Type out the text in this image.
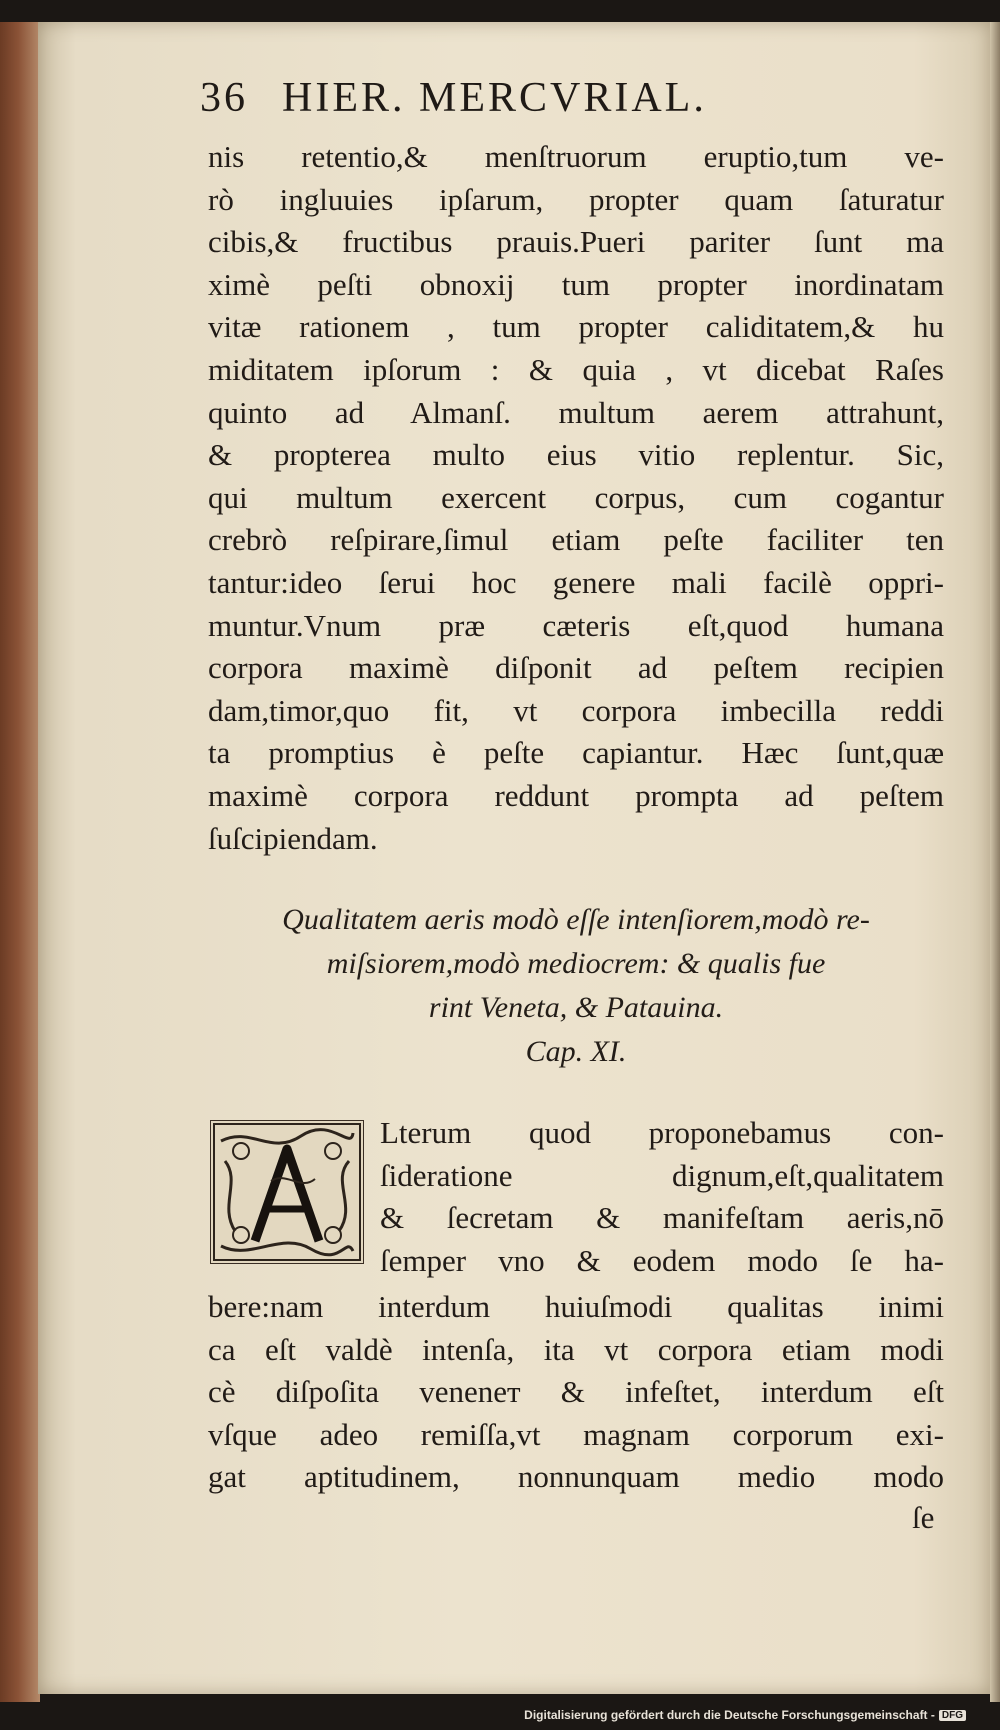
36 HIER. MERCVRIAL.
nis retentio,& menſtruorum eruptio,tum ve-
rò ingluuies ipſarum, propter quam ſaturatur
cibis,& fructibus prauis.Pueri pariter ſunt ma
ximè peſti obnoxij tum propter inordinatam
vitæ rationem , tum propter caliditatem,& hu
miditatem ipſorum : & quia , vt dicebat Raſes
quinto ad Almanſ. multum aerem attrahunt,
& propterea multo eius vitio replentur. Sic,
qui multum exercent corpus, cum cogantur
crebrò reſpirare,ſimul etiam peſte faciliter ten
tantur:ideo ſerui hoc genere mali facilè oppri-
muntur.Vnum præ cæteris eſt,quod humana
corpora maximè diſponit ad peſtem recipien
dam,timor,quo fit, vt corpora imbecilla reddi
ta promptius è peſte capiantur. Hæc ſunt,quæ
maximè corpora reddunt prompta ad peſtem
ſuſcipiendam.
Qualitatem aeris modò eſſe intenſiorem,modò re-
miſsiorem,modò mediocrem: & qualis fue
rint Veneta, & Patauina.
Cap. XI.
Lterum quod proponebamus con-
ſideratione dignum,eſt,qualitatem
& ſecretam & manifeſtam aeris,nō
ſemper vno & eodem modo ſe ha-
bere:nam interdum huiuſmodi qualitas inimi
ca eſt valdè intenſa, ita vt corpora etiam modi
cè diſpoſita veneneт & infeſtet, interdum eſt
vſque adeo remiſſa,vt magnam corporum exi-
gat aptitudinem, nonnunquam medio modo
ſe
Digitalisierung gefördert durch die Deutsche Forschungsgemeinschaft - DFG
